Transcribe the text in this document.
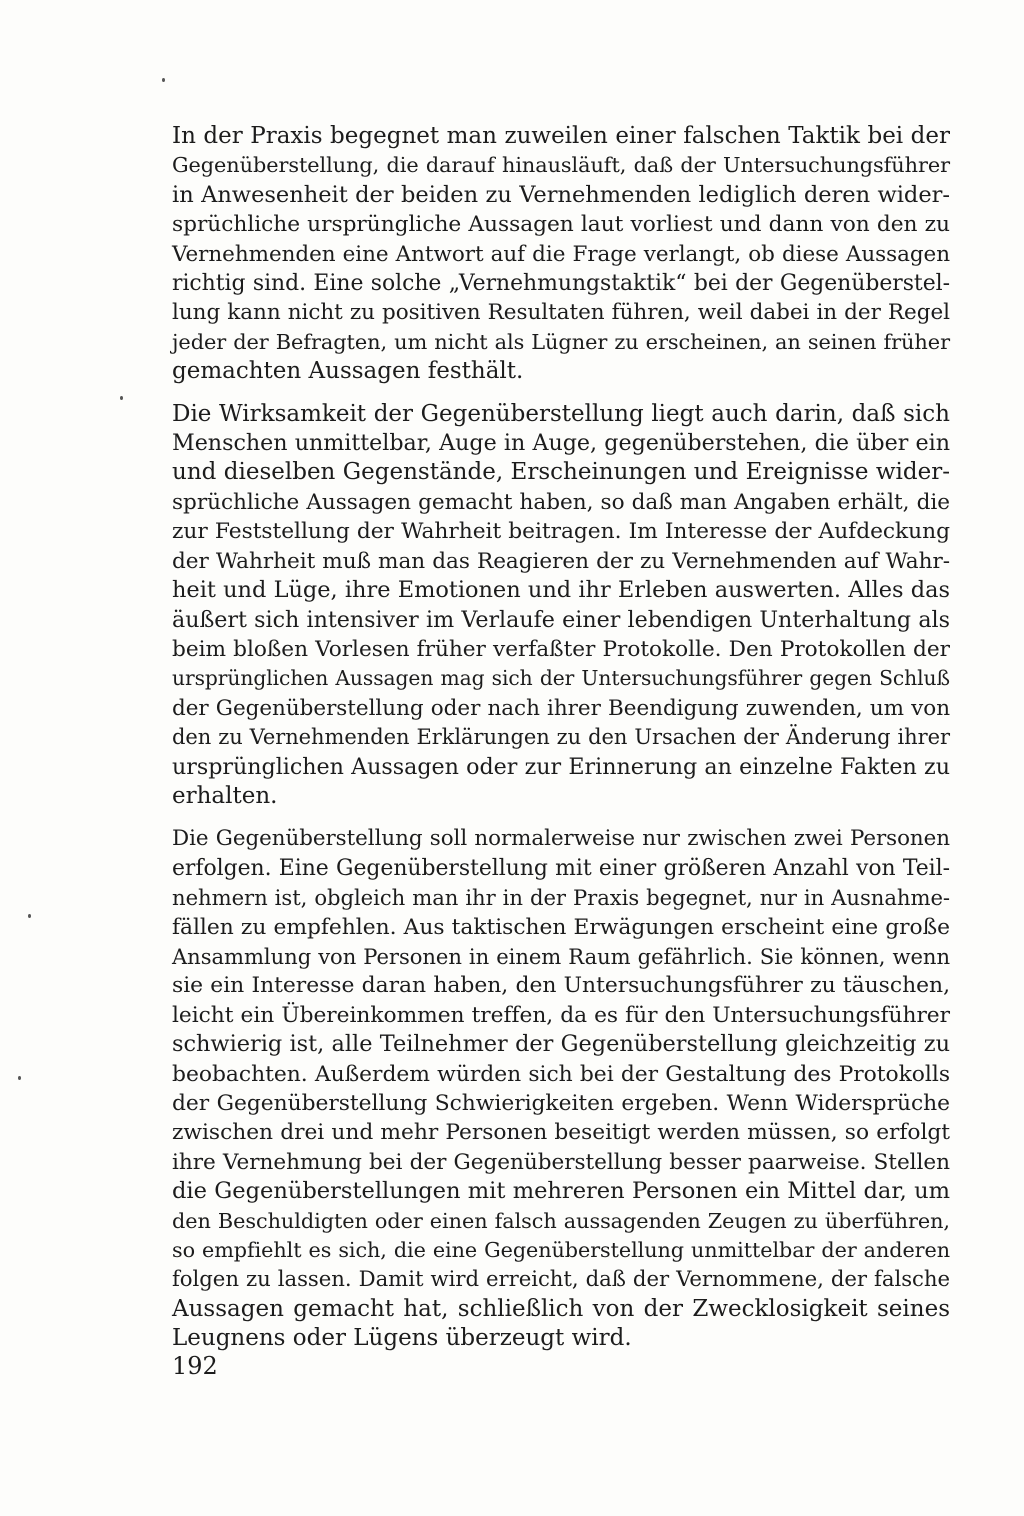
In der Praxis begegnet man zuweilen einer falschen Taktik bei der
Gegenüberstellung, die darauf hinausläuft, daß der Untersuchungsführer
in Anwesenheit der beiden zu Vernehmenden lediglich deren wider-
sprüchliche ursprüngliche Aussagen laut vorliest und dann von den zu
Vernehmenden eine Antwort auf die Frage verlangt, ob diese Aussagen
richtig sind. Eine solche „Vernehmungstaktik“ bei der Gegenüberstel-
lung kann nicht zu positiven Resultaten führen, weil dabei in der Regel
jeder der Befragten, um nicht als Lügner zu erscheinen, an seinen früher
gemachten Aussagen festhält.

Die Wirksamkeit der Gegenüberstellung liegt auch darin, daß sich
Menschen unmittelbar, Auge in Auge, gegenüberstehen, die über ein
und dieselben Gegenstände, Erscheinungen und Ereignisse wider-
sprüchliche Aussagen gemacht haben, so daß man Angaben erhält, die
zur Feststellung der Wahrheit beitragen. Im Interesse der Aufdeckung
der Wahrheit muß man das Reagieren der zu Vernehmenden auf Wahr-
heit und Lüge, ihre Emotionen und ihr Erleben auswerten. Alles das
äußert sich intensiver im Verlaufe einer lebendigen Unterhaltung als
beim bloßen Vorlesen früher verfaßter Protokolle. Den Protokollen der
ursprünglichen Aussagen mag sich der Untersuchungsführer gegen Schluß
der Gegenüberstellung oder nach ihrer Beendigung zuwenden, um von
den zu Vernehmenden Erklärungen zu den Ursachen der Änderung ihrer
ursprünglichen Aussagen oder zur Erinnerung an einzelne Fakten zu
erhalten.

Die Gegenüberstellung soll normalerweise nur zwischen zwei Personen
erfolgen. Eine Gegenüberstellung mit einer größeren Anzahl von Teil-
nehmern ist, obgleich man ihr in der Praxis begegnet, nur in Ausnahme-
fällen zu empfehlen. Aus taktischen Erwägungen erscheint eine große
Ansammlung von Personen in einem Raum gefährlich. Sie können, wenn
sie ein Interesse daran haben, den Untersuchungsführer zu täuschen,
leicht ein Übereinkommen treffen, da es für den Untersuchungsführer
schwierig ist, alle Teilnehmer der Gegenüberstellung gleichzeitig zu
beobachten. Außerdem würden sich bei der Gestaltung des Protokolls
der Gegenüberstellung Schwierigkeiten ergeben. Wenn Widersprüche
zwischen drei und mehr Personen beseitigt werden müssen, so erfolgt
ihre Vernehmung bei der Gegenüberstellung besser paarweise. Stellen
die Gegenüberstellungen mit mehreren Personen ein Mittel dar, um
den Beschuldigten oder einen falsch aussagenden Zeugen zu überführen,
so empfiehlt es sich, die eine Gegenüberstellung unmittelbar der anderen
folgen zu lassen. Damit wird erreicht, daß der Vernommene, der falsche
Aussagen gemacht hat, schließlich von der Zwecklosigkeit seines
Leugnens oder Lügens überzeugt wird.

192
